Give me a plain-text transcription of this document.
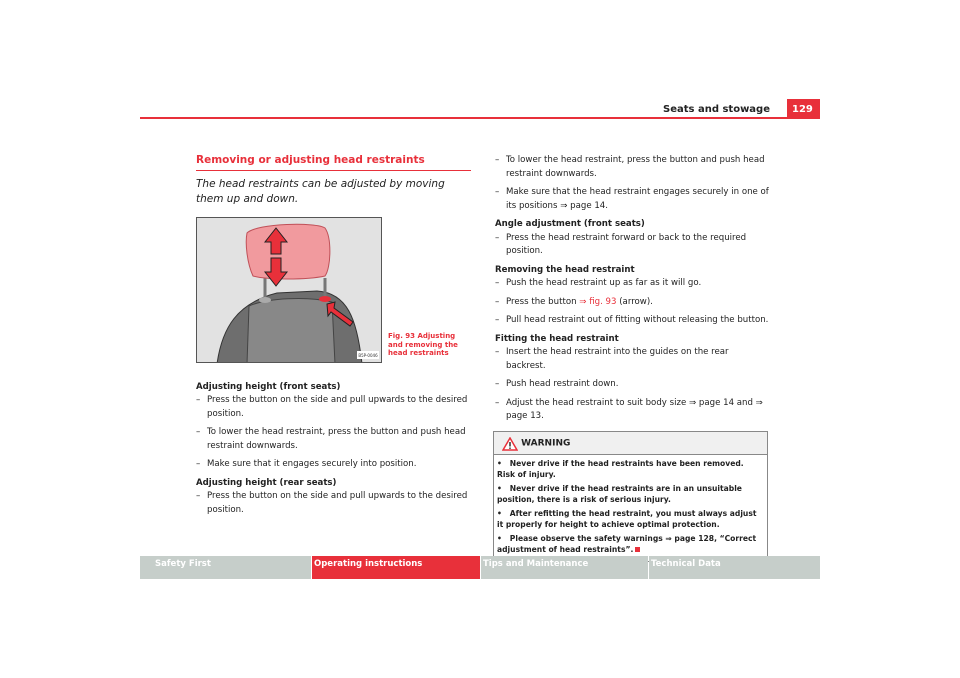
Seats and stowage	129
Removing or adjusting head restraints
The head restraints can be adjusted by moving them up and down.
B5P-0046
Adjusting height (front seats)
– Press the button on the side and pull upwards to the desired position.
– To lower the head restraint, press the button and push head restraint downwards.
– Make sure that it engages securely into position.
Adjusting height (rear seats)
– Press the button on the side and pull upwards to the desired position.
Fig. 93 Adjusting and removing the head restraints
– To lower the head restraint, press the button and push head restraint downwards.
– Make sure that the head restraint engages securely in one of its positions ⇒ page 14.
Angle adjustment (front seats)
– Press the head restraint forward or back to the required position.
Removing the head restraint
– Push the head restraint up as far as it will go.
– Press the button ⇒ fig. 93 (arrow).
– Pull head restraint out of fitting without releasing the button.
Fitting the head restraint
– Insert the head restraint into the guides on the rear backrest.
– Push head restraint down.
– Adjust the head restraint to suit body size ⇒ page 14 and ⇒ page 13.
WARNING

• Never drive if the head restraints have been removed. Risk of injury.

• Never drive if the head restraints are in an unsuitable position, there is a risk of serious injury.

• After refitting the head restraint, you must always adjust it properly for height to achieve optimal protection.

• Please observe the safety warnings ⇒ page 128, “Correct adjustment of head restraints”.

Safety First	Operating instructions	Tips and Maintenance	Technical Data
